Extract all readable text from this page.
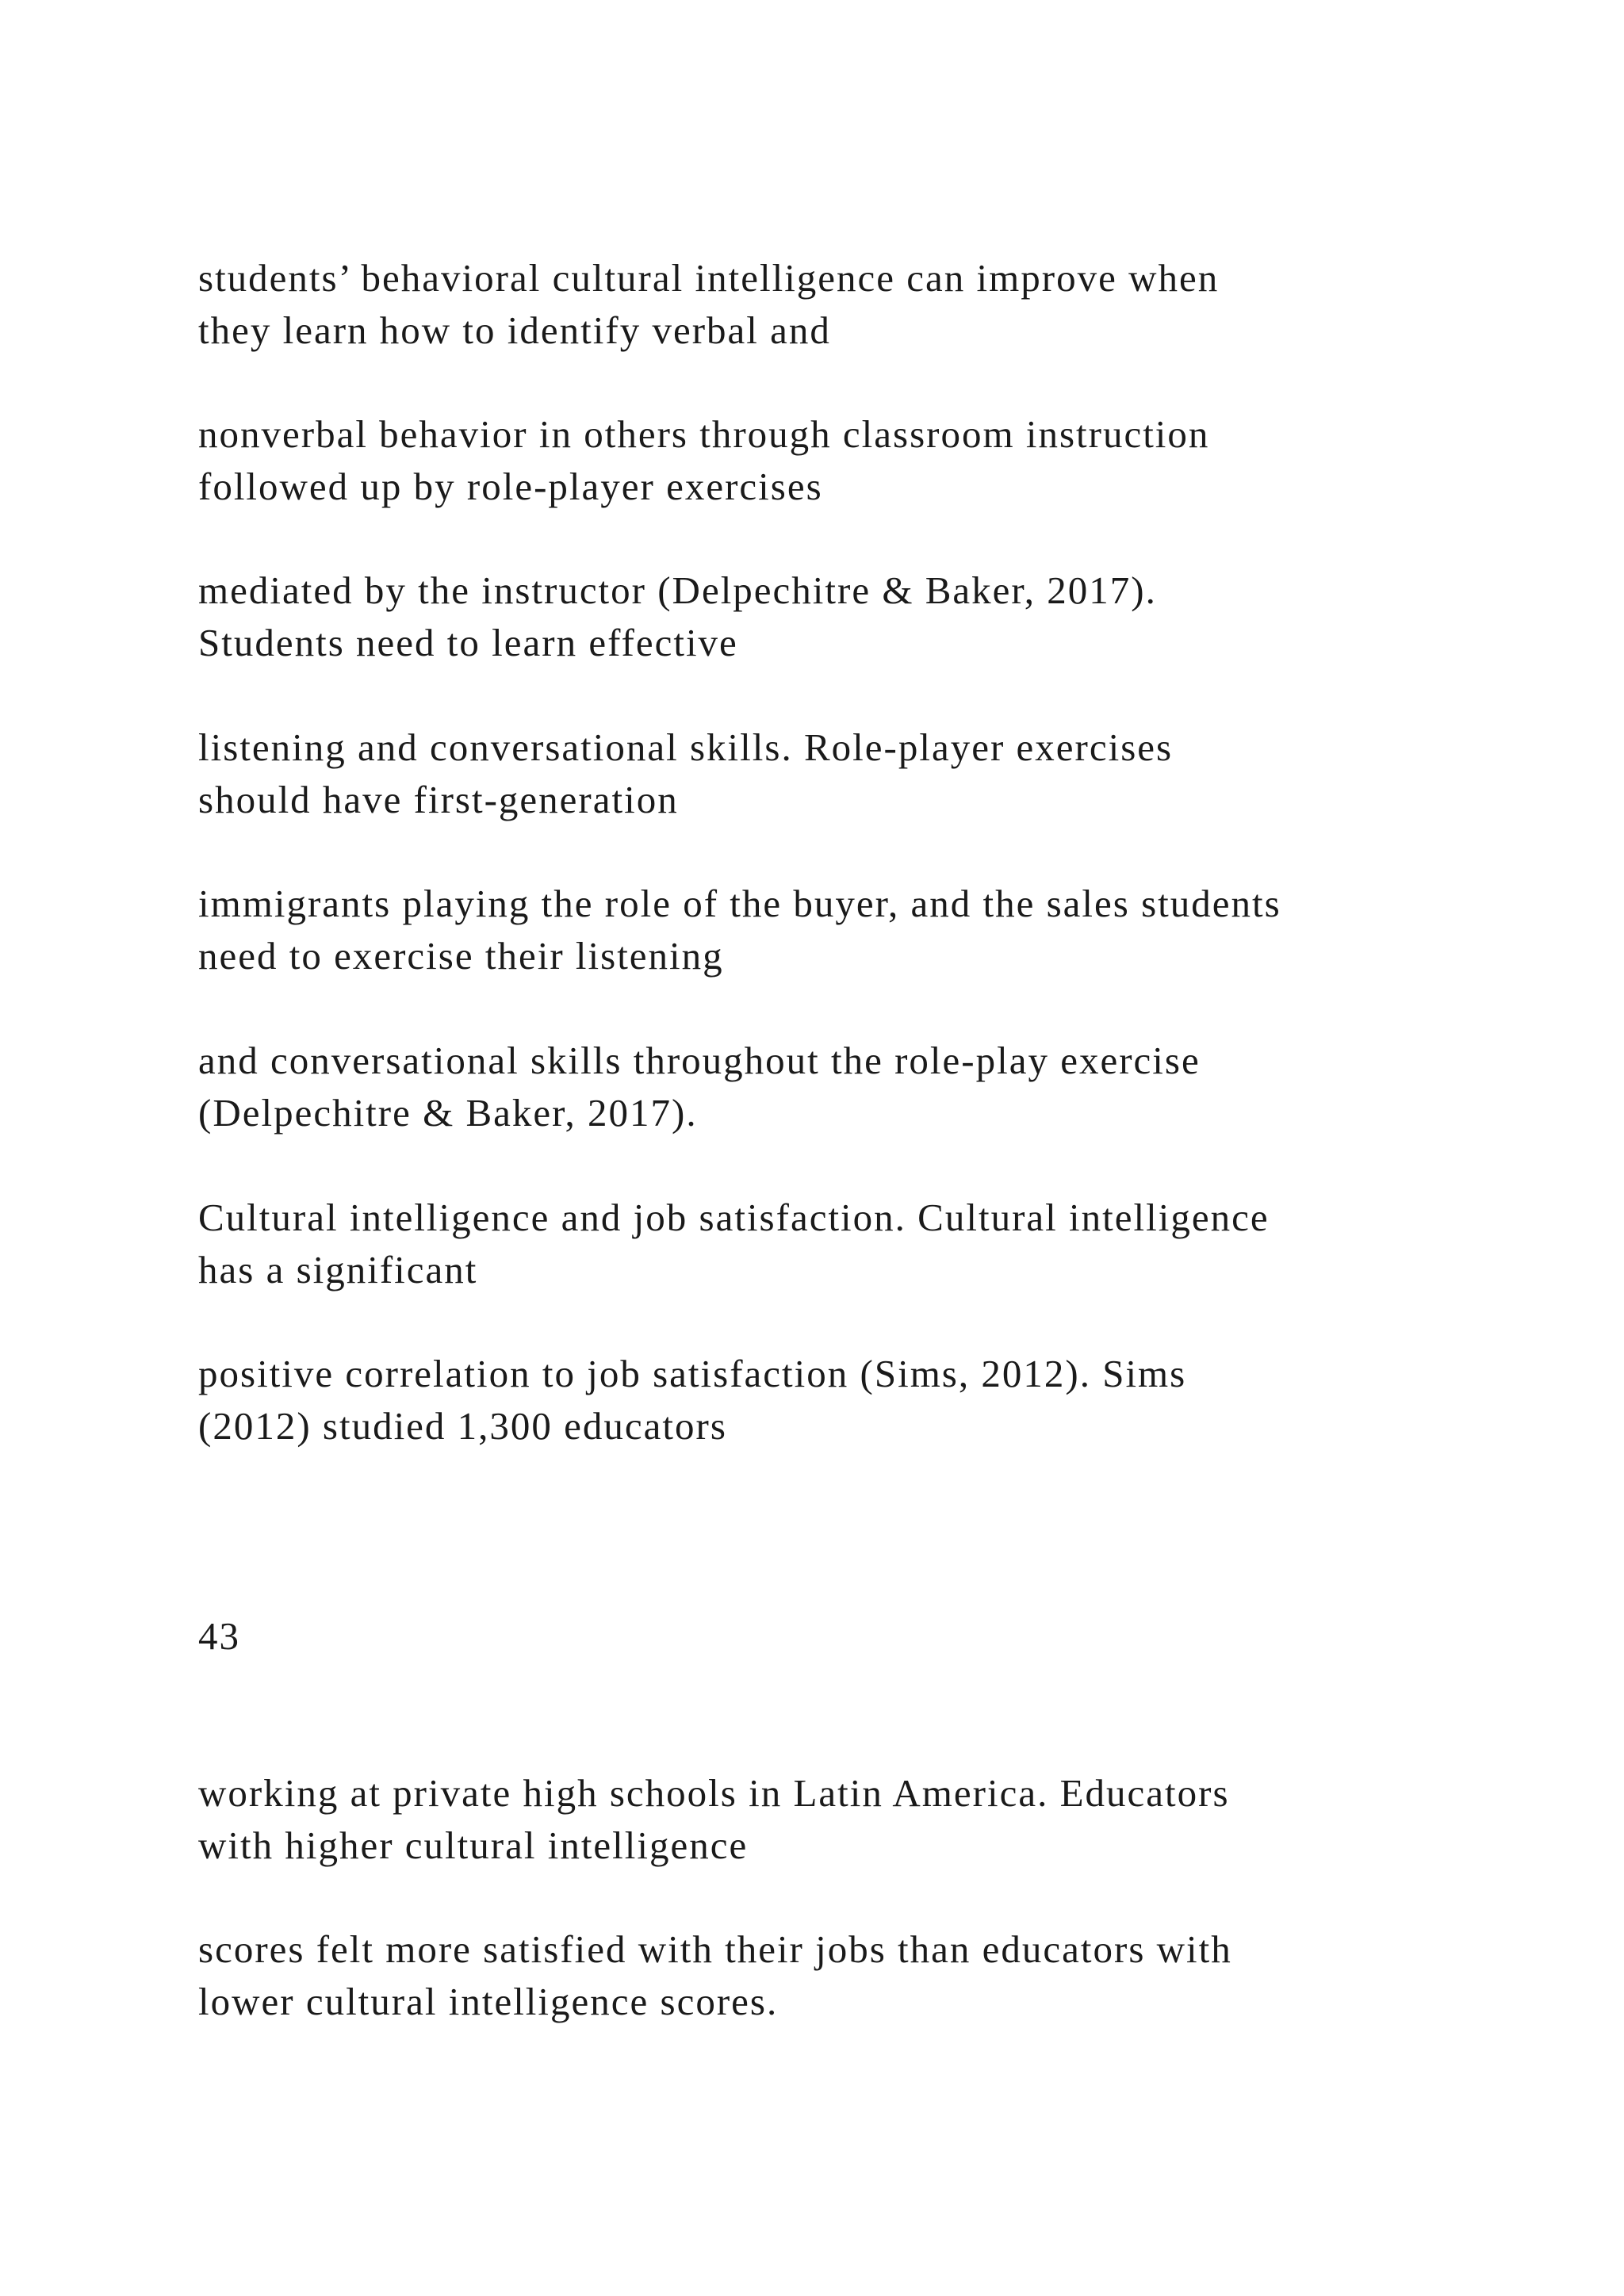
students’ behavioral cultural intelligence can improve when
they learn how to identify verbal and

nonverbal behavior in others through classroom instruction
followed up by role-player exercises

mediated by the instructor (Delpechitre & Baker, 2017).
Students need to learn effective

listening and conversational skills. Role-player exercises
should have first-generation

immigrants playing the role of the buyer, and the sales students
need to exercise their listening

and conversational skills throughout the role-play exercise
(Delpechitre & Baker, 2017).

Cultural intelligence and job satisfaction. Cultural intelligence
has a significant

positive correlation to job satisfaction (Sims, 2012). Sims
(2012) studied 1,300 educators

43

working at private high schools in Latin America. Educators
with higher cultural intelligence

scores felt more satisfied with their jobs than educators with
lower cultural intelligence scores.
